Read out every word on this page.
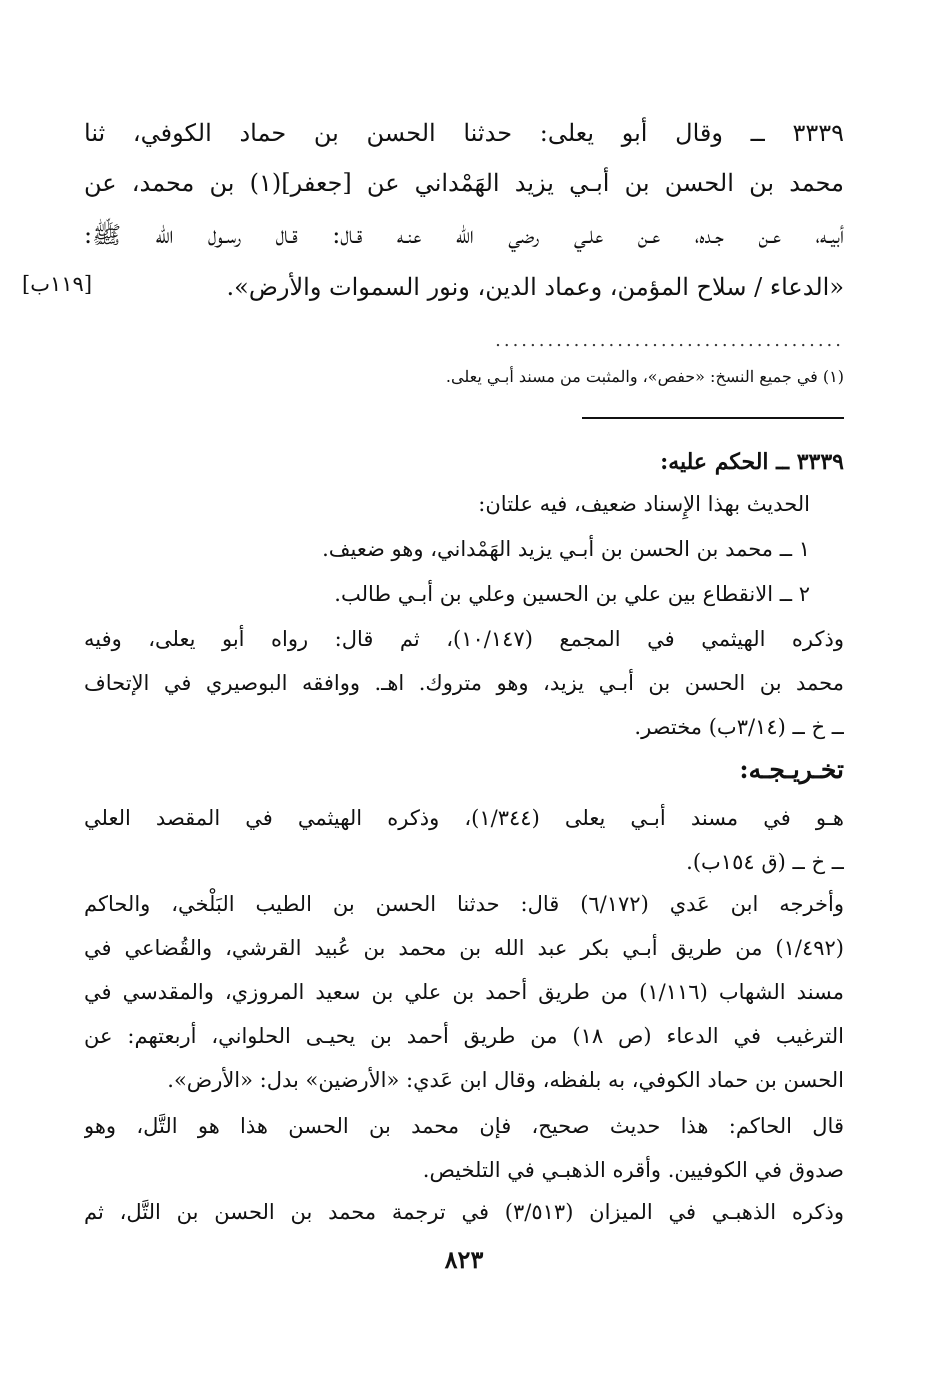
٣٣٣٩ ــ وقال أبو يعلى: حدثنا الحسن بن حماد الكوفي، ثنا
محمد بن الحسن بن أبـي يزيد الهَمْداني عن [جعفر](١) بن محمد، عن
أبيـه، عـن جـده، عـن علـي رضي الله عنـه قـال: قـال رسـول الله ﷺ:
«الدعاء / سلاح المؤمن، وعماد الدين، ونور السموات والأرض».
[١١٩ب]
........................................
(١) في جميع النسخ: «حفص»، والمثبت من مسند أبـي يعلى.
٣٣٣٩ ــ الحكم عليه:
الحديث بهذا الإِسناد ضعيف، فيه علتان:
١ ــ محمد بن الحسن بن أبـي يزيد الهَمْداني، وهو ضعيف.
٢ ــ الانقطاع بين علي بن الحسين وعلي بن أبـي طالب.
وذكره الهيثمي في المجمع (١٠/١٤٧)، ثم قال: رواه أبو يعلى، وفيه
محمد بن الحسن بن أبـي يزيد، وهو متروك. اهـ. ووافقه البوصيري في الإتحاف
ــ خ ــ (٣/١٤ب) مختصر.
تخـريـجـه:
هـو في مسند أبـي يعلى (١/٣٤٤)، وذكره الهيثمي في المقصد العلي
ــ خ ــ (ق ١٥٤ب).
وأخرجه ابن عَدي (٦/١٧٢) قال: حدثنا الحسن بن الطيب البَلْخي، والحاكم
(١/٤٩٢) من طريق أبـي بكر عبد الله بن محمد بن عُبيد القرشي، والقُضاعي في
مسند الشهاب (١/١١٦) من طريق أحمد بن علي بن سعيد المروزي، والمقدسي في
الترغيب في الدعاء (ص ١٨) من طريق أحمد بن يحيـى الحلواني، أربعتهم: عن
الحسن بن حماد الكوفي، به بلفظه، وقال ابن عَدي: «الأرضين» بدل: «الأرض».
قال الحاكم: هذا حديث صحيح، فإن محمد بن الحسن هذا هو التَّل، وهو
صدوق في الكوفيين. وأقره الذهبـي في التلخيص.
وذكره الذهبـي في الميزان (٣/٥١٣) في ترجمة محمد بن الحسن بن التَّل، ثم
٨٢٣
